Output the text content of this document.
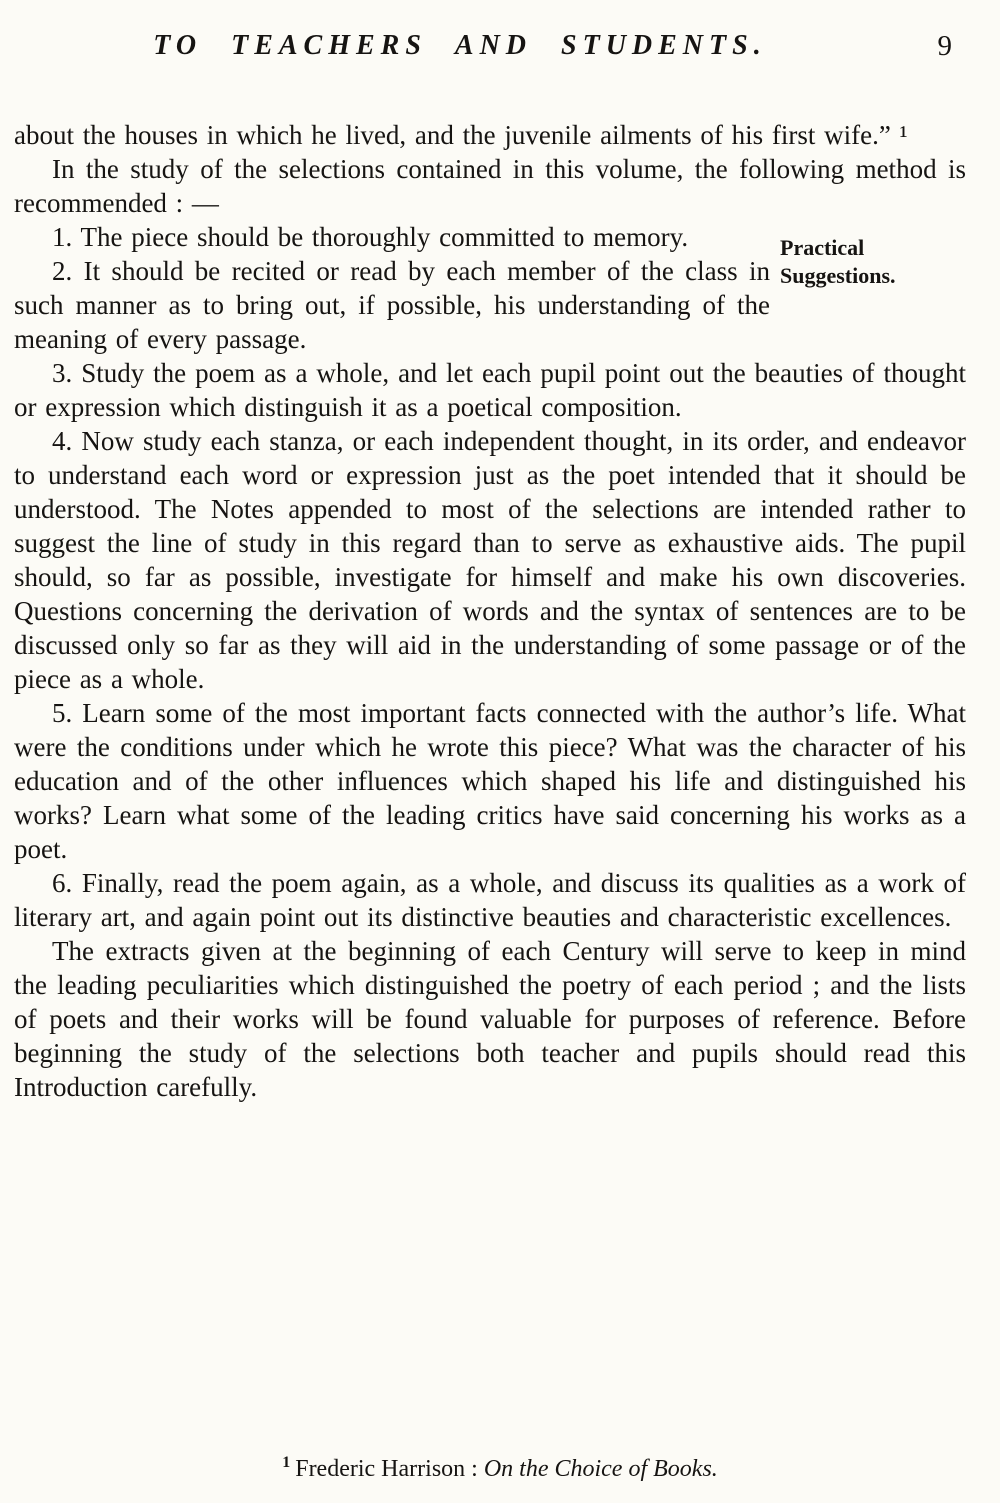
TO TEACHERS AND STUDENTS.	9

about the houses in which he lived, and the juvenile ailments of his first wife.” ¹

In the study of the selections contained in this volume, the following method is recommended : —

Practical Suggestions.

1. The piece should be thoroughly committed to memory.

2. It should be recited or read by each member of the class in such manner as to bring out, if possible, his understanding of the meaning of every passage.

3. Study the poem as a whole, and let each pupil point out the beauties of thought or expression which distinguish it as a poetical composition.

4. Now study each stanza, or each independent thought, in its order, and endeavor to understand each word or expression just as the poet intended that it should be understood. The Notes appended to most of the selections are intended rather to suggest the line of study in this regard than to serve as exhaustive aids. The pupil should, so far as possible, investigate for himself and make his own discoveries. Questions concerning the derivation of words and the syntax of sentences are to be discussed only so far as they will aid in the understanding of some passage or of the piece as a whole.

5. Learn some of the most important facts connected with the author’s life. What were the conditions under which he wrote this piece? What was the character of his education and of the other influences which shaped his life and distinguished his works? Learn what some of the leading critics have said concerning his works as a poet.

6. Finally, read the poem again, as a whole, and discuss its qualities as a work of literary art, and again point out its distinctive beauties and characteristic excellences.

The extracts given at the beginning of each Century will serve to keep in mind the leading peculiarities which distinguished the poetry of each period ; and the lists of poets and their works will be found valuable for purposes of reference. Before beginning the study of the selections both teacher and pupils should read this Introduction carefully.

$^1$ Frederic Harrison : On the Choice of Books.
